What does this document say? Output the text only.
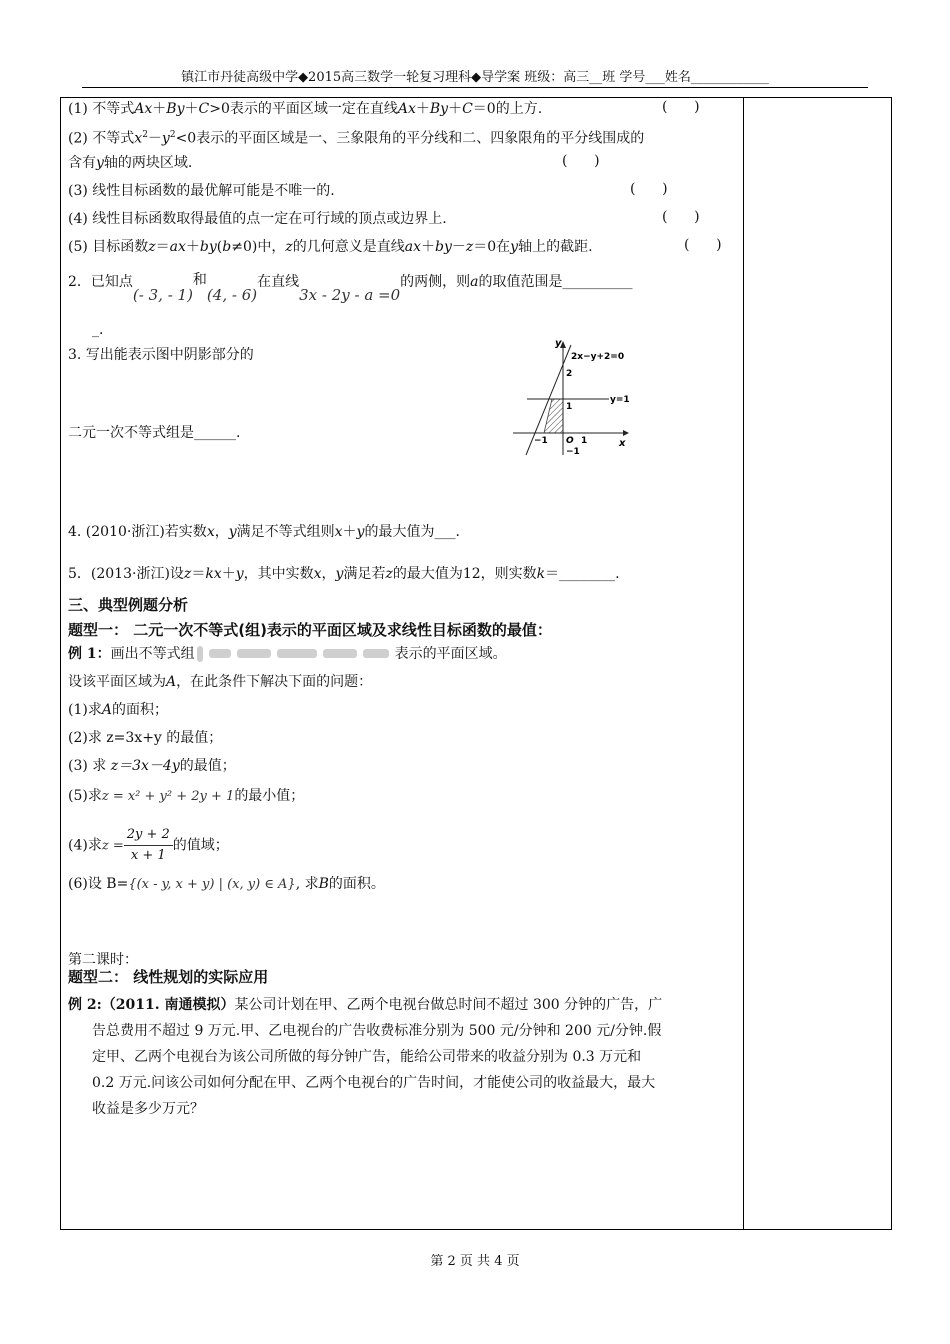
镇江市丹徒高级中学◆2015高三数学一轮复习理科◆导学案 班级：高三__班 学号___姓名____________
(1) 不等式Ax＋By＋C>0表示的平面区域一定在直线Ax＋By＋C＝0的上方.	(      )
(2) 不等式$x^2-y^2<0$表示的平面区域是一、三象限角的平分线和二、四象限角的平分线围成的
含有y轴的两块区域.	(      )
(3) 线性目标函数的最优解可能是不唯一的.	(      )
(4) 线性目标函数取得最值的点一定在可行域的顶点或边界上.	(      )
(5) 目标函数z＝ax＋by(b≠0)中，z的几何意义是直线ax＋by－z＝0在y轴上的截距.	(      )
2．已知点(- 3, - 1)和(4, - 6)在直线3x - 2y - a =0的两侧，则a的取值范围是__________
_.
3. 写出能表示图中阴影部分的
二元一次不等式组是______.
y
x
2x−y+2=0
y=1
2
1
−1 O 1
−1
4. (2010·浙江)若实数x，y满足不等式组则x＋y的最大值为___.
5．(2013·浙江)设z＝kx＋y，其中实数x，y满足若z的最大值为12，则实数k＝________.
三、典型例题分析
题型一： 二元一次不等式(组)表示的平面区域及求线性目标函数的最值：
例 1：画出不等式组	表示的平面区域。
设该平面区域为A，在此条件下解决下面的问题：
(1)求A的面积；
(2)求 z=3x+y 的最值；
(3) 求 z＝3x－4y的最值；
(5)求z = x² + y² + 2y + 1的最小值；
(4)求$z = \frac{2y + 2}{x + 1}$ 的值域；
(6)设 B={(x - y, x + y) | (x, y) ∈ A}, 求B的面积。
第二课时：
题型二： 线性规划的实际应用
例 2:（2011. 南通模拟）某公司计划在甲、乙两个电视台做总时间不超过 300 分钟的广告，广
告总费用不超过 9 万元.甲、乙电视台的广告收费标准分别为 500 元/分钟和 200 元/分钟.假
定甲、乙两个电视台为该公司所做的每分钟广告，能给公司带来的收益分别为 0.3 万元和
0.2 万元.问该公司如何分配在甲、乙两个电视台的广告时间，才能使公司的收益最大，最大
收益是多少万元？
第 2 页 共 4 页
